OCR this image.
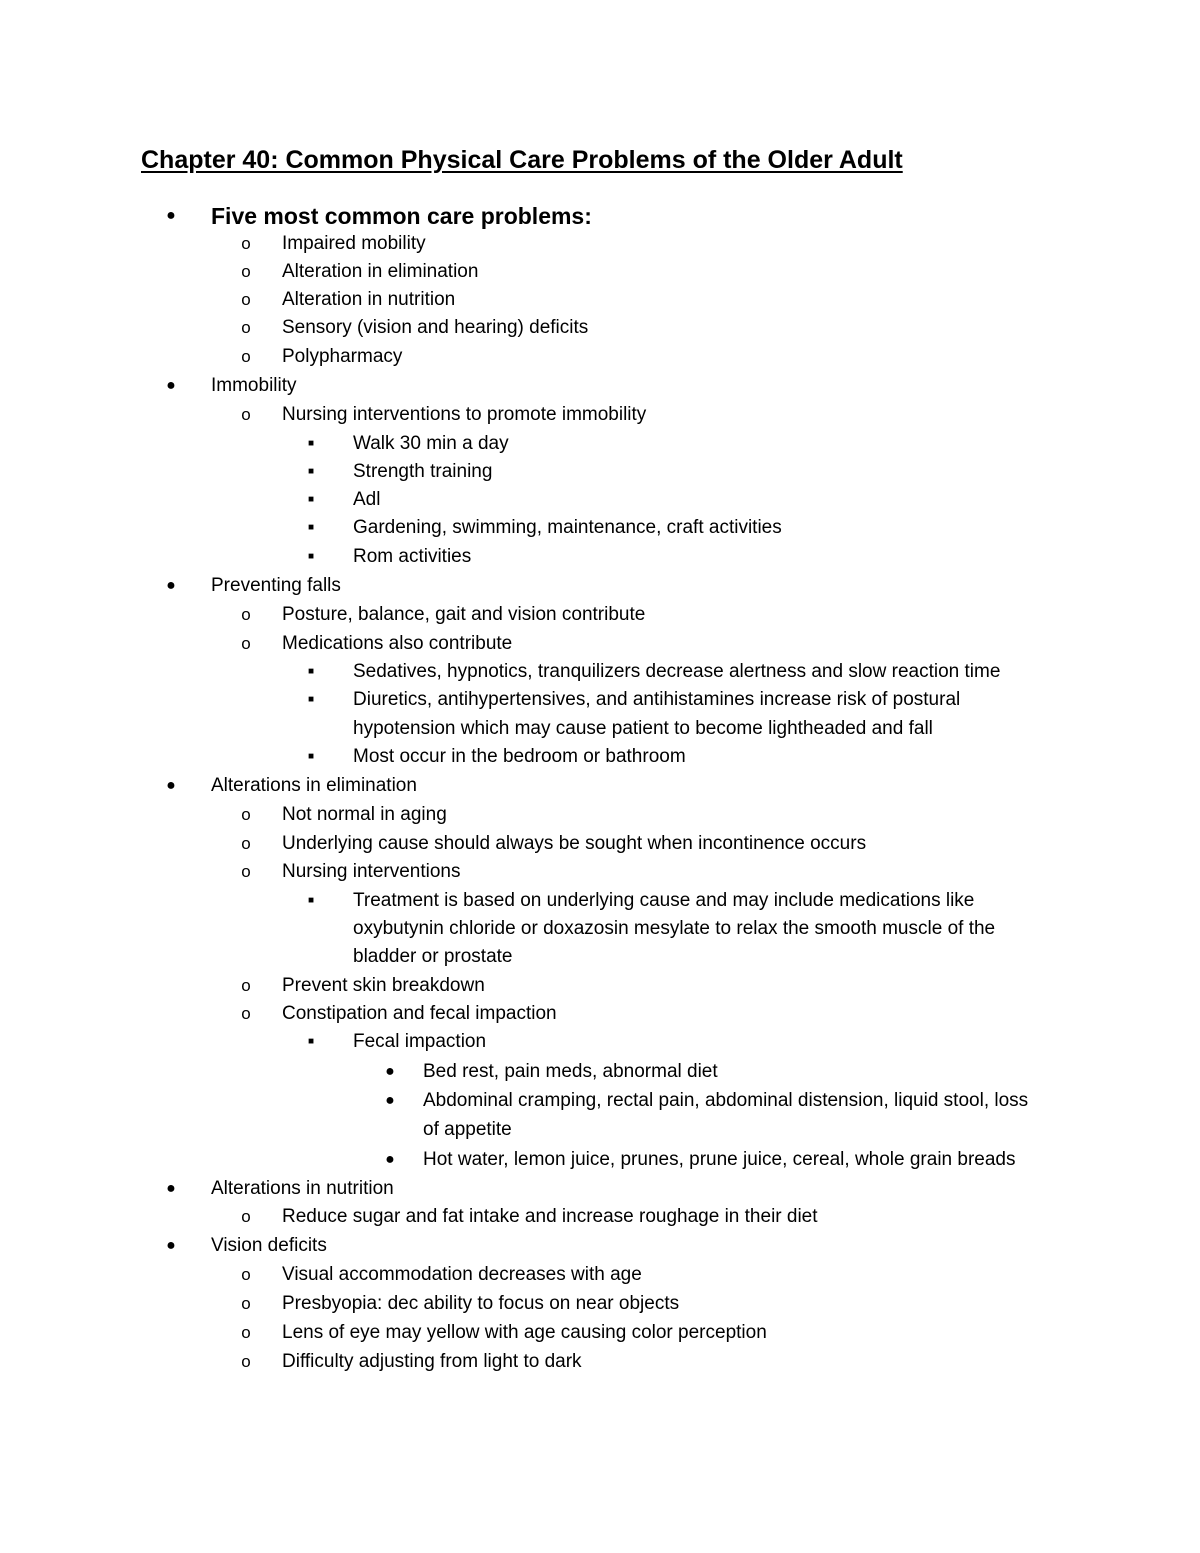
Chapter 40: Common Physical Care Problems of the Older Adult
● Five most common care problems:
o Impaired mobility
o Alteration in elimination
o Alteration in nutrition
o Sensory (vision and hearing) deficits
o Polypharmacy
● Immobility
o Nursing interventions to promote immobility
■	Walk 30 min a day
■	Strength training
■	Adl
■	Gardening, swimming, maintenance, craft activities
■	Rom activities
● Preventing falls
o Posture, balance, gait and vision contribute
o Medications also contribute
■	Sedatives, hypnotics, tranquilizers decrease alertness and slow reaction time
■	Diuretics, antihypertensives, and antihistamines increase risk of postural
hypotension which may cause patient to become lightheaded and fall
■	Most occur in the bedroom or bathroom
● Alterations in elimination
o Not normal in aging
o Underlying cause should always be sought when incontinence occurs
o Nursing interventions
■	Treatment is based on underlying cause and may include medications like
oxybutynin chloride or doxazosin mesylate to relax the smooth muscle of the
bladder or prostate
o Prevent skin breakdown
o Constipation and fecal impaction
■	Fecal impaction
● Bed rest, pain meds, abnormal diet
● Abdominal cramping, rectal pain, abdominal distension, liquid stool, loss
of appetite
● Hot water, lemon juice, prunes, prune juice, cereal, whole grain breads
● Alterations in nutrition
o Reduce sugar and fat intake and increase roughage in their diet
● Vision deficits
o Visual accommodation decreases with age
o Presbyopia: dec ability to focus on near objects
o Lens of eye may yellow with age causing color perception
o Difficulty adjusting from light to dark
